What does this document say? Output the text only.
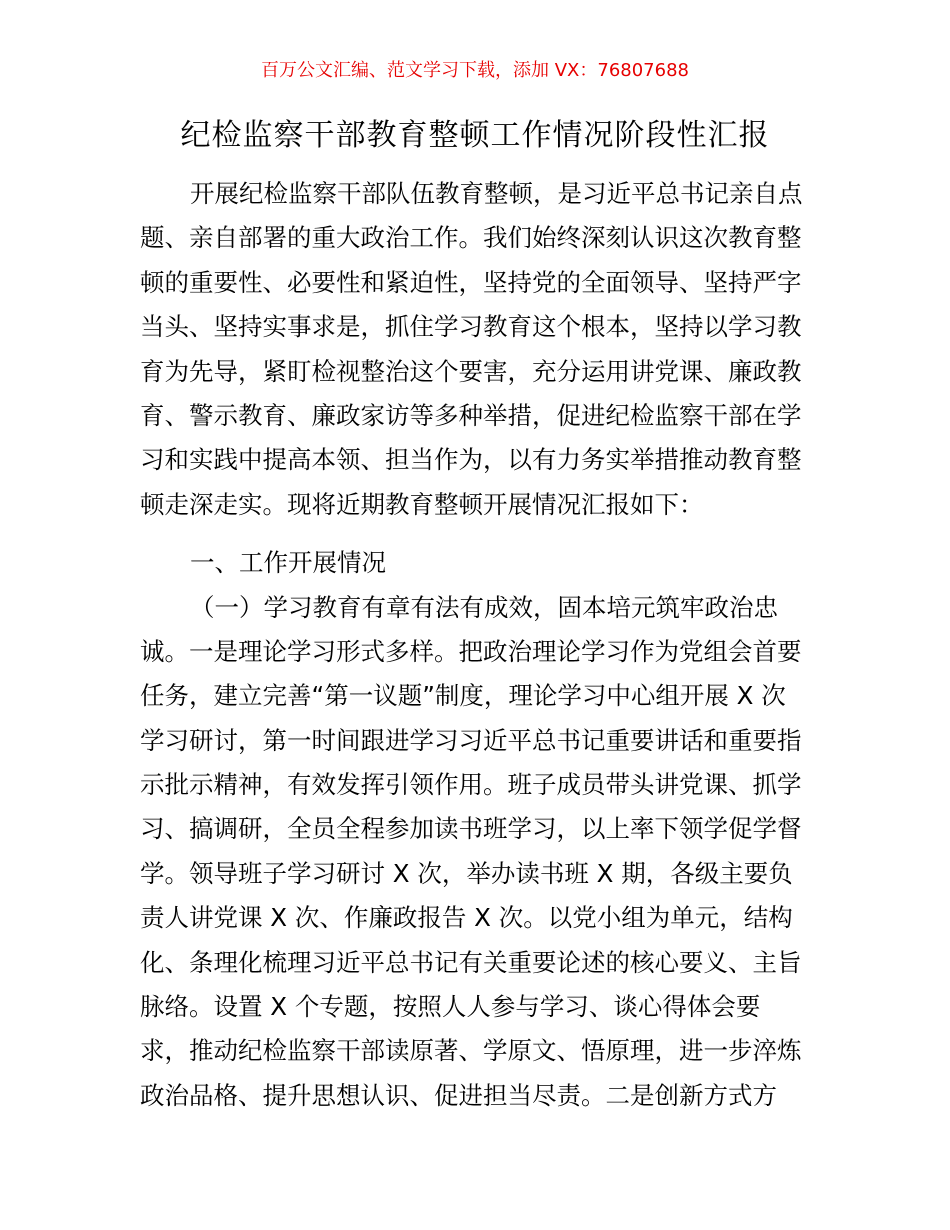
百万公文汇编、范文学习下载，添加 VX：76807688
纪检监察干部教育整顿工作情况阶段性汇报
开展纪检监察干部队伍教育整顿，是习近平总书记亲自点
题、亲自部署的重大政治工作。我们始终深刻认识这次教育整
顿的重要性、必要性和紧迫性，坚持党的全面领导、坚持严字
当头、坚持实事求是，抓住学习教育这个根本，坚持以学习教
育为先导，紧盯检视整治这个要害，充分运用讲党课、廉政教
育、警示教育、廉政家访等多种举措，促进纪检监察干部在学
习和实践中提高本领、担当作为，以有力务实举措推动教育整
顿走深走实。现将近期教育整顿开展情况汇报如下：
一、工作开展情况
（一）学习教育有章有法有成效，固本培元筑牢政治忠
诚。一是理论学习形式多样。把政治理论学习作为党组会首要
任务，建立完善“第一议题”制度，理论学习中心组开展 X 次
学习研讨，第一时间跟进学习习近平总书记重要讲话和重要指
示批示精神，有效发挥引领作用。班子成员带头讲党课、抓学
习、搞调研，全员全程参加读书班学习，以上率下领学促学督
学。领导班子学习研讨 X 次，举办读书班 X 期，各级主要负
责人讲党课 X 次、作廉政报告 X 次。以党小组为单元，结构
化、条理化梳理习近平总书记有关重要论述的核心要义、主旨
脉络。设置 X 个专题，按照人人参与学习、谈心得体会要
求，推动纪检监察干部读原著、学原文、悟原理，进一步淬炼
政治品格、提升思想认识、促进担当尽责。二是创新方式方
